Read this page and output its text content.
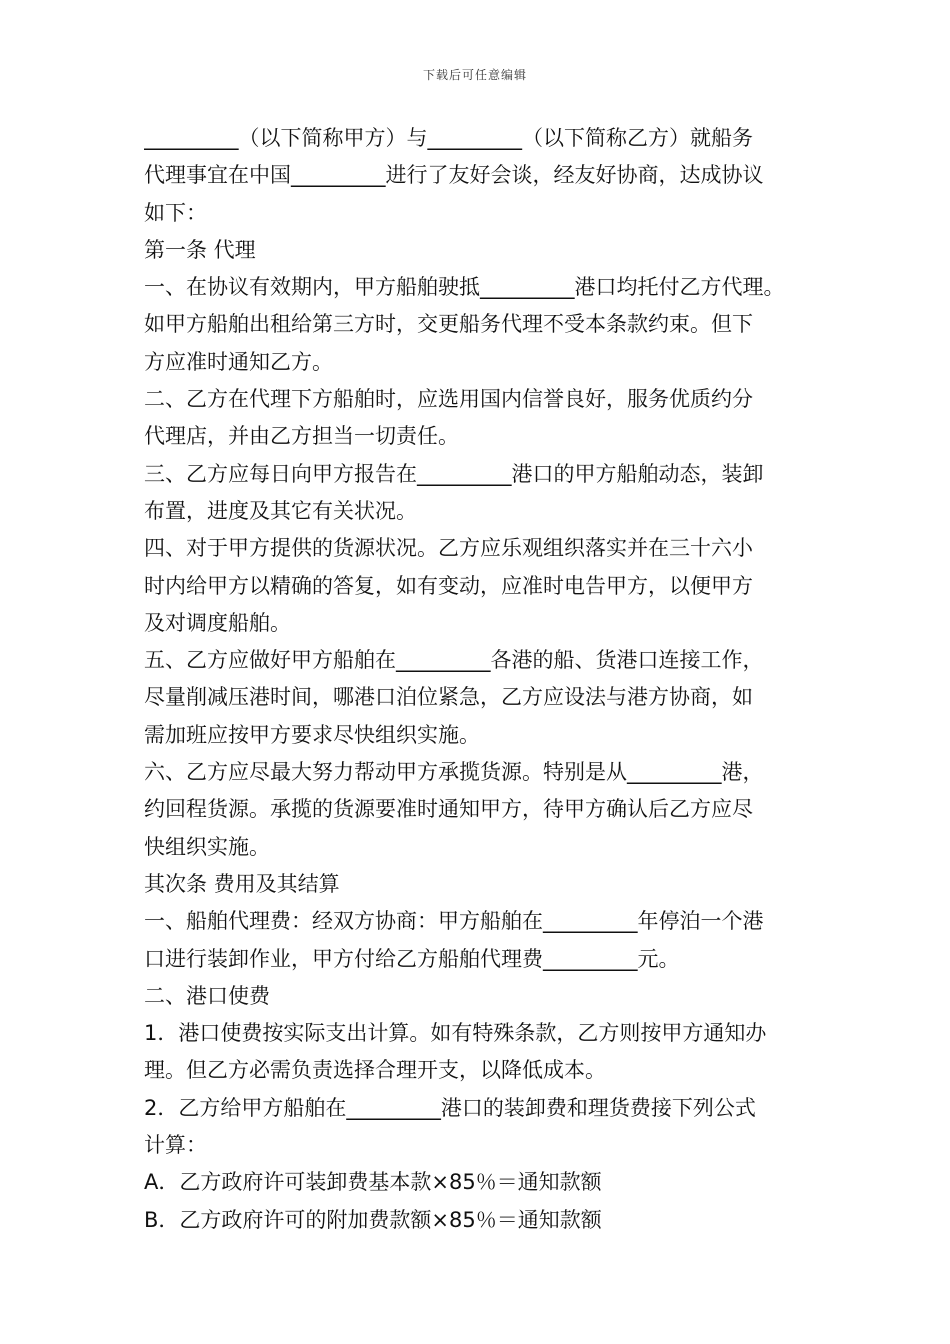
下载后可任意编辑
_________（以下简称甲方）与_________（以下简称乙方）就船务
代理事宜在中国_________进行了友好会谈，经友好协商，达成协议
如下：
第一条 代理
一、在协议有效期内，甲方船舶驶抵_________港口均托付乙方代理。
如甲方船舶出租给第三方时，交更船务代理不受本条款约束。但下
方应准时通知乙方。
二、乙方在代理下方船舶时，应选用国内信誉良好，服务优质约分
代理店，并由乙方担当一切责任。
三、乙方应每日向甲方报告在_________港口的甲方船舶动态，装卸
布置，进度及其它有关状况。
四、对于甲方提供的货源状况。乙方应乐观组织落实并在三十六小
时内给甲方以精确的答复，如有变动，应准时电告甲方，以便甲方
及对调度船舶。
五、乙方应做好甲方船舶在_________各港的船、货港口连接工作，
尽量削减压港时间，哪港口泊位紧急，乙方应设法与港方协商，如
需加班应按甲方要求尽快组织实施。
六、乙方应尽最大努力帮动甲方承揽货源。特别是从_________港，
约回程货源。承揽的货源要准时通知甲方，待甲方确认后乙方应尽
快组织实施。
其次条 费用及其结算
一、船舶代理费：经双方协商：甲方船舶在_________年停泊一个港
口进行装卸作业，甲方付给乙方船舶代理费_________元。
二、港口使费
1．港口使费按实际支出计算。如有特殊条款，乙方则按甲方通知办
理。但乙方必需负责选择合理开支，以降低成本。
2．乙方给甲方船舶在_________港口的装卸费和理货费接下列公式
计算：
A．乙方政府许可装卸费基本款×85％＝通知款额
B．乙方政府许可的附加费款额×85％＝通知款额
